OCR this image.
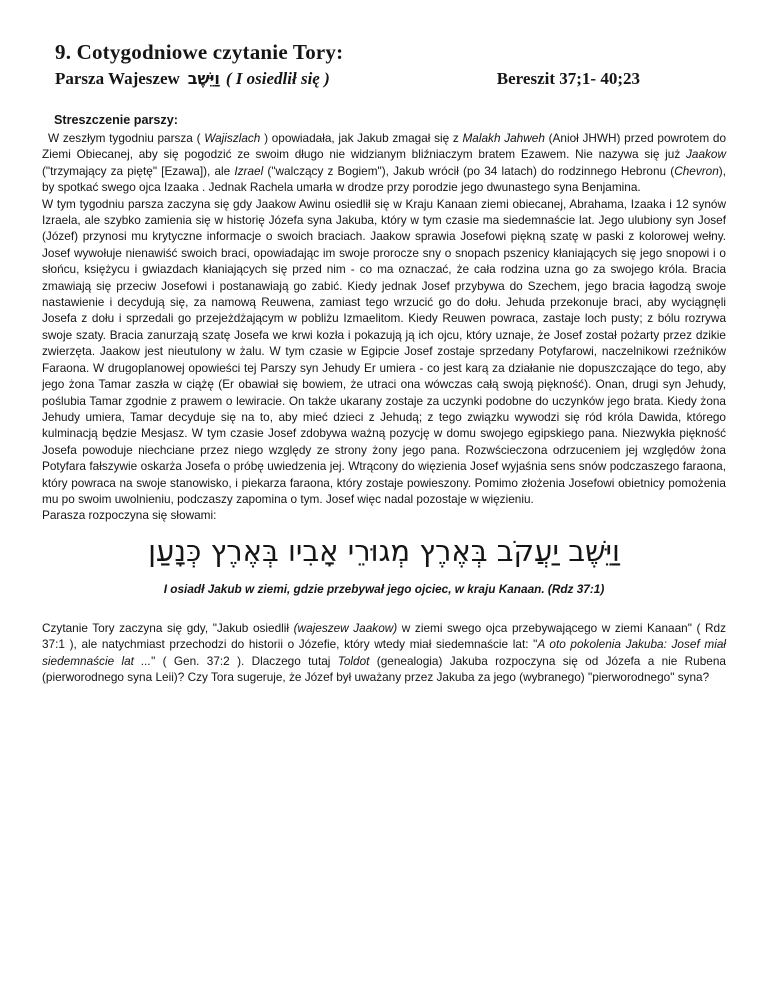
9. Cotygodniowe czytanie Tory:
Parsza Wajeszew וַיֵּשֶׁב ( I osiedlił się )	Bereszit 37;1- 40;23
Streszczenie parszy:

W zeszłym tygodniu parsza ( Wajiszlach ) opowiadała, jak Jakub zmagał się z Malakh Jahweh (Anioł JHWH) przed powrotem do Ziemi Obiecanej, aby się pogodzić ze swoim długo nie widzianym bliźniaczym bratem Ezawem. Nie nazywa się już Jaakow ("trzymający za piętę" [Ezawa]), ale Izrael ("walczący z Bogiem"), Jakub wrócił (po 34 latach) do rodzinnego Hebronu (Chevron), by spotkać swego ojca Izaaka . Jednak Rachela umarła w drodze przy porodzie jego dwunastego syna Benjamina.

W tym tygodniu parsza zaczyna się gdy Jaakow Awinu osiedlił się w Kraju Kanaan ziemi obiecanej, Abrahama, Izaaka i 12 synów Izraela, ale szybko zamienia się w historię Józefa syna Jakuba, który w tym czasie ma siedemnaście lat. Jego ulubiony syn Josef (Józef) przynosi mu krytyczne informacje o swoich braciach. Jaakow sprawia Josefowi piękną szatę w paski z kolorowej wełny. Josef wywołuje nienawiść swoich braci, opowiadając im swoje prorocze sny o snopach pszenicy kłaniających się jego snopowi i o słońcu, księżycu i gwiazdach kłaniających się przed nim - co ma oznaczać, że cała rodzina uzna go za swojego króla. Bracia zmawiają się przeciw Josefowi i postanawiają go zabić. Kiedy jednak Josef przybywa do Szechem, jego bracia łagodzą swoje nastawienie i decydują się, za namową Reuwena, zamiast tego wrzucić go do dołu. Jehuda przekonuje braci, aby wyciągnęli Josefa z dołu i sprzedali go przejeżdżającym w pobliżu Izmaelitom. Kiedy Reuwen powraca, zastaje loch pusty; z bólu rozrywa swoje szaty. Bracia zanurzają szatę Josefa we krwi kozła i pokazują ją ich ojcu, który uznaje, że Josef został pożarty przez dzikie zwierzęta. Jaakow jest nieutulony w żalu. W tym czasie w Egipcie Josef zostaje sprzedany Potyfarowi, naczelnikowi rzeźników Faraona. W drugoplanowej opowieści tej Parszy syn Jehudy Er umiera - co jest karą za działanie nie dopuszczające do tego, aby jego żona Tamar zaszła w ciążę (Er obawiał się bowiem, że utraci ona wówczas całą swoją piękność). Onan, drugi syn Jehudy, poślubia Tamar zgodnie z prawem o lewiracie. On także ukarany zostaje za uczynki podobne do uczynków jego brata. Kiedy żona Jehudy umiera, Tamar decyduje się na to, aby mieć dzieci z Jehudą; z tego związku wywodzi się ród króla Dawida, którego kulminacją będzie Mesjasz. W tym czasie Josef zdobywa ważną pozycję w domu swojego egipskiego pana. Niezwykła piękność Josefa powoduje niechciane przez niego względy ze strony żony jego pana. Rozwścieczona odrzuceniem jej względów żona Potyfara fałszywie oskarża Josefa o próbę uwiedzenia jej. Wtrącony do więzienia Josef wyjaśnia sens snów podczaszego faraona, który powraca na swoje stanowisko, i piekarza faraona, który zostaje powieszony. Pomimo złożenia Josefowi obietnicy pomożenia mu po swoim uwolnieniu, podczaszy zapomina o tym. Josef więc nadal pozostaje w więzieniu.

Parasza rozpoczyna się słowami:

וַיֵּשֶׁב יַעֲקֹב בְּאֶרֶץ מְגוּרֵי אָבִיו בְּאֶרֶץ כְּנָעַן
I osiadł Jakub w ziemi, gdzie przebywał jego ojciec, w kraju Kanaan. (Rdz 37:1)

Czytanie Tory zaczyna się gdy, "Jakub osiedlił (wajeszew Jaakow) w ziemi swego ojca przebywającego w ziemi Kanaan" ( Rdz 37:1 ), ale natychmiast przechodzi do historii o Józefie, który wtedy miał siedemnaście lat: "A oto pokolenia Jakuba: Josef miał siedemnaście lat ..." ( Gen. 37:2 ). Dlaczego tutaj Toldot (genealogia) Jakuba rozpoczyna się od Józefa a nie Rubena (pierworodnego syna Leii)? Czy Tora sugeruje, że Józef był uważany przez Jakuba za jego (wybranego) "pierworodnego" syna?
